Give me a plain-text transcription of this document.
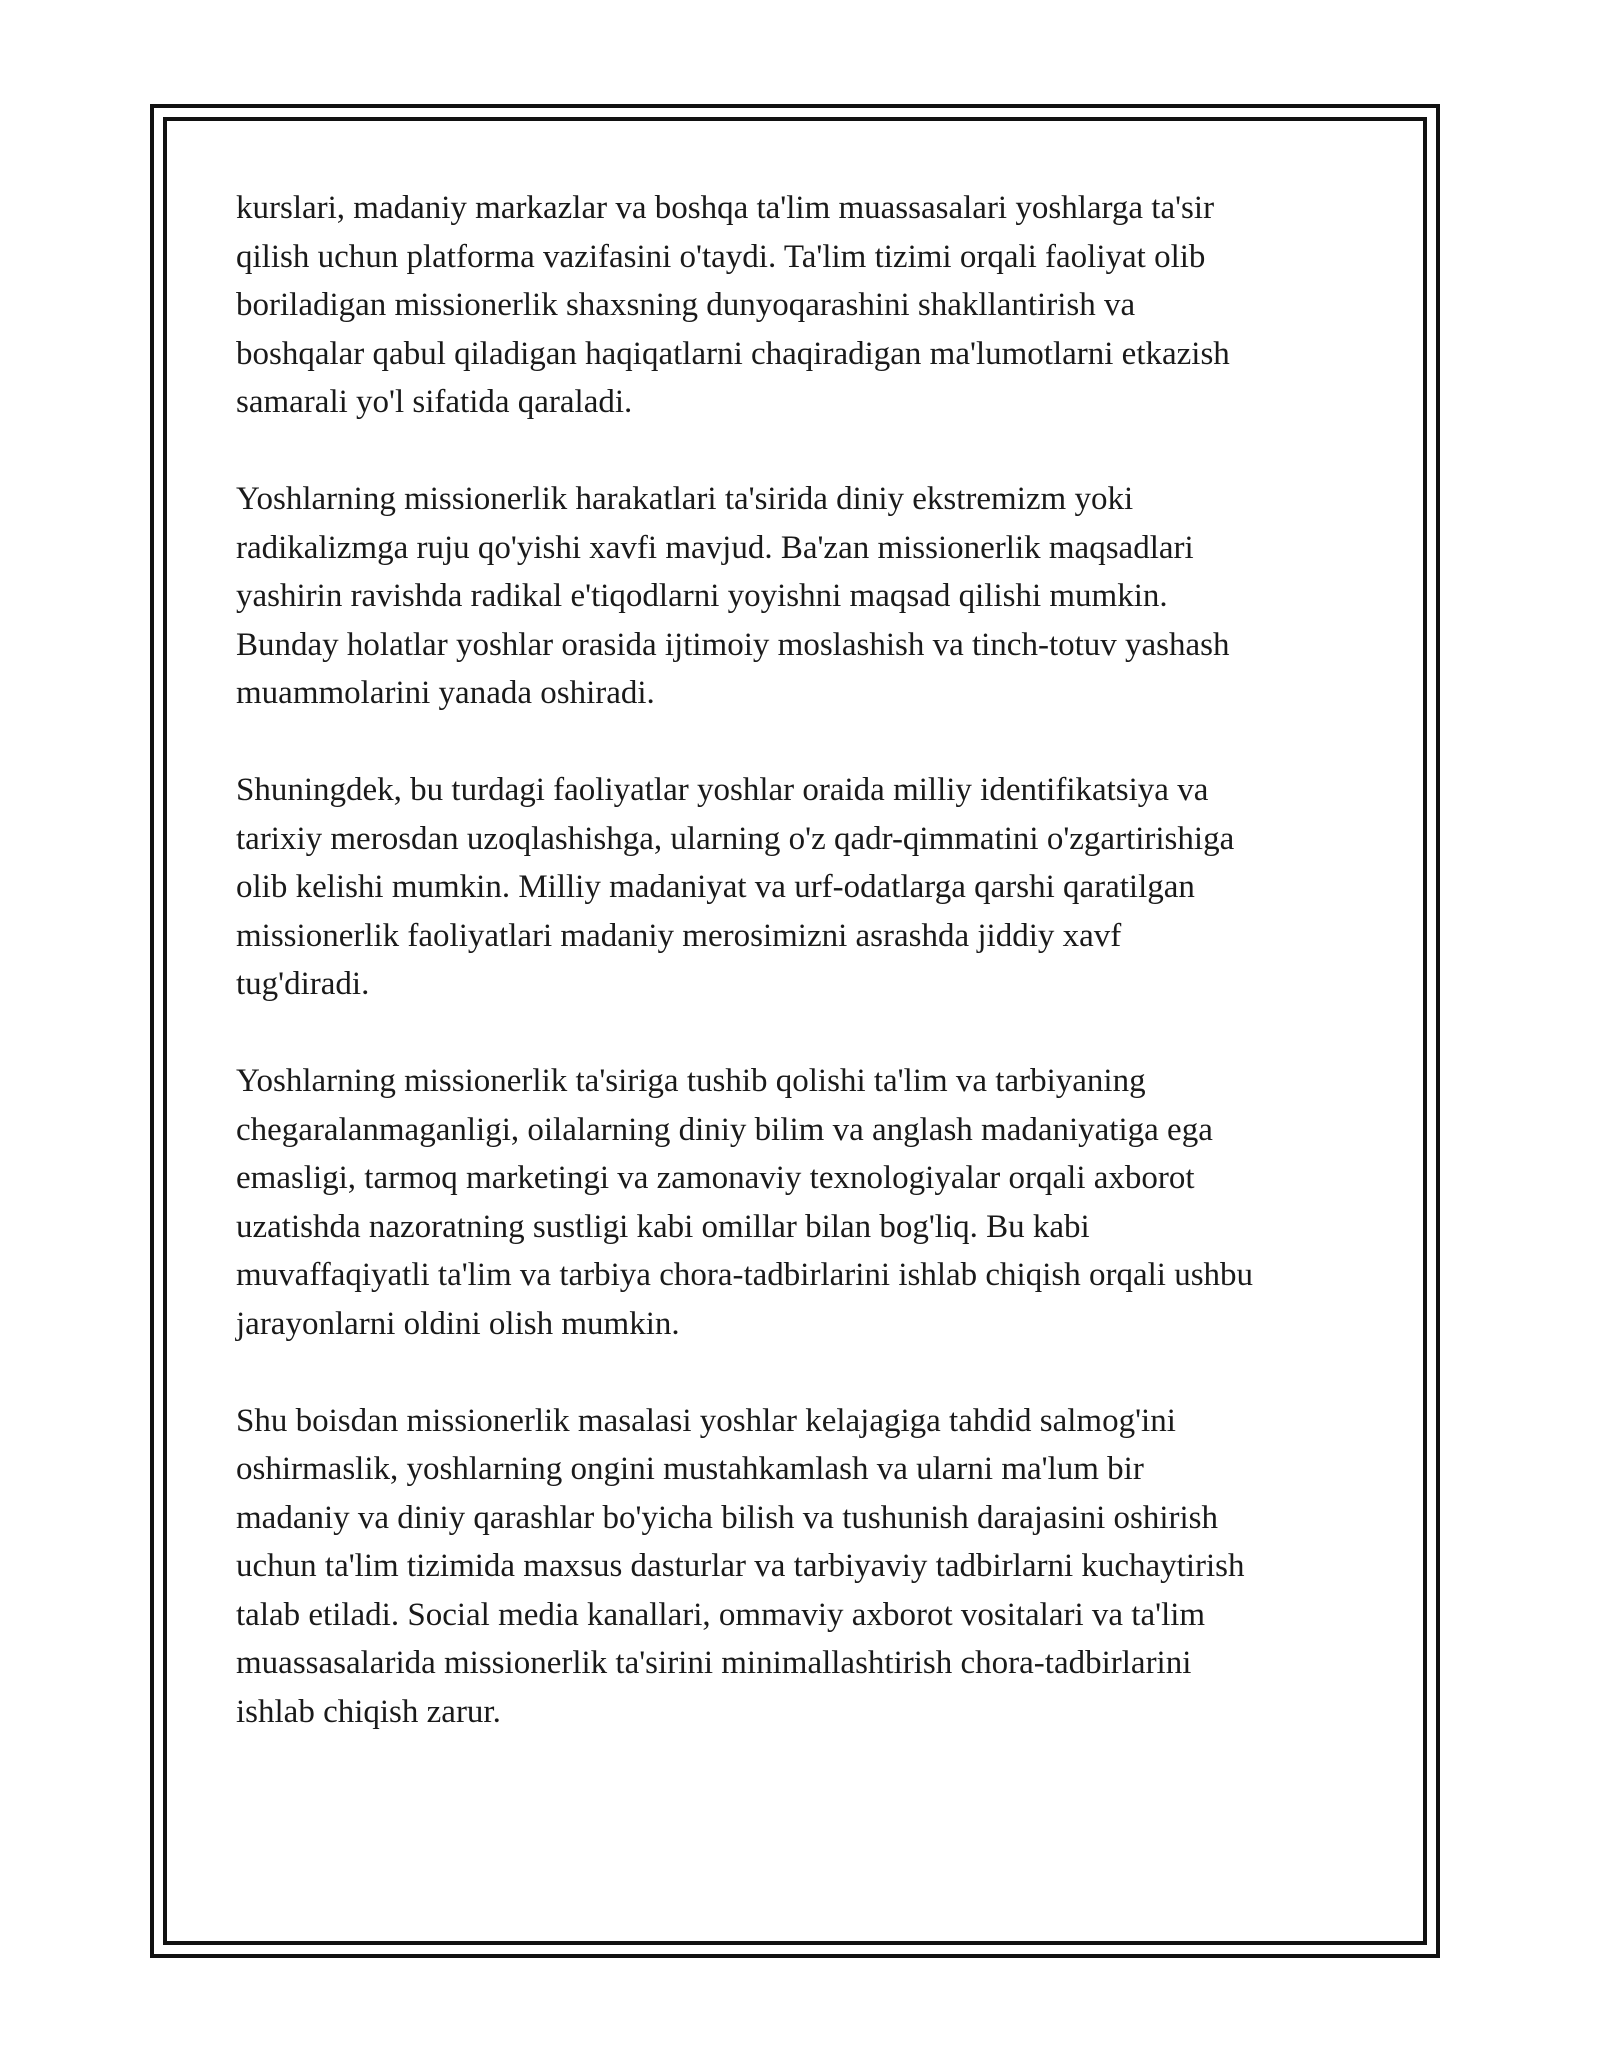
kurslari, madaniy markazlar va boshqa ta'lim muassasalari yoshlarga ta'sir
qilish uchun platforma vazifasini o'taydi. Ta'lim tizimi orqali faoliyat olib
boriladigan missionerlik shaxsning dunyoqarashini shakllantirish va
boshqalar qabul qiladigan haqiqatlarni chaqiradigan ma'lumotlarni etkazish
samarali yo'l sifatida qaraladi.

Yoshlarning missionerlik harakatlari ta'sirida diniy ekstremizm yoki
radikalizmga ruju qo'yishi xavfi mavjud. Ba'zan missionerlik maqsadlari
yashirin ravishda radikal e'tiqodlarni yoyishni maqsad qilishi mumkin.
Bunday holatlar yoshlar orasida ijtimoiy moslashish va tinch-totuv yashash
muammolarini yanada oshiradi.

Shuningdek, bu turdagi faoliyatlar yoshlar oraida milliy identifikatsiya va
tarixiy merosdan uzoqlashishga, ularning o'z qadr-qimmatini o'zgartirishiga
olib kelishi mumkin. Milliy madaniyat va urf-odatlarga qarshi qaratilgan
missionerlik faoliyatlari madaniy merosimizni asrashda jiddiy xavf
tug'diradi.

Yoshlarning missionerlik ta'siriga tushib qolishi ta'lim va tarbiyaning
chegaralanmaganligi, oilalarning diniy bilim va anglash madaniyatiga ega
emasligi, tarmoq marketingi va zamonaviy texnologiyalar orqali axborot
uzatishda nazoratning sustligi kabi omillar bilan bog'liq. Bu kabi
muvaffaqiyatli ta'lim va tarbiya chora-tadbirlarini ishlab chiqish orqali ushbu
jarayonlarni oldini olish mumkin.

Shu boisdan missionerlik masalasi yoshlar kelajagiga tahdid salmog'ini
oshirmaslik, yoshlarning ongini mustahkamlash va ularni ma'lum bir
madaniy va diniy qarashlar bo'yicha bilish va tushunish darajasini oshirish
uchun ta'lim tizimida maxsus dasturlar va tarbiyaviy tadbirlarni kuchaytirish
talab etiladi. Social media kanallari, ommaviy axborot vositalari va ta'lim
muassasalarida missionerlik ta'sirini minimallashtirish chora-tadbirlarini
ishlab chiqish zarur.
